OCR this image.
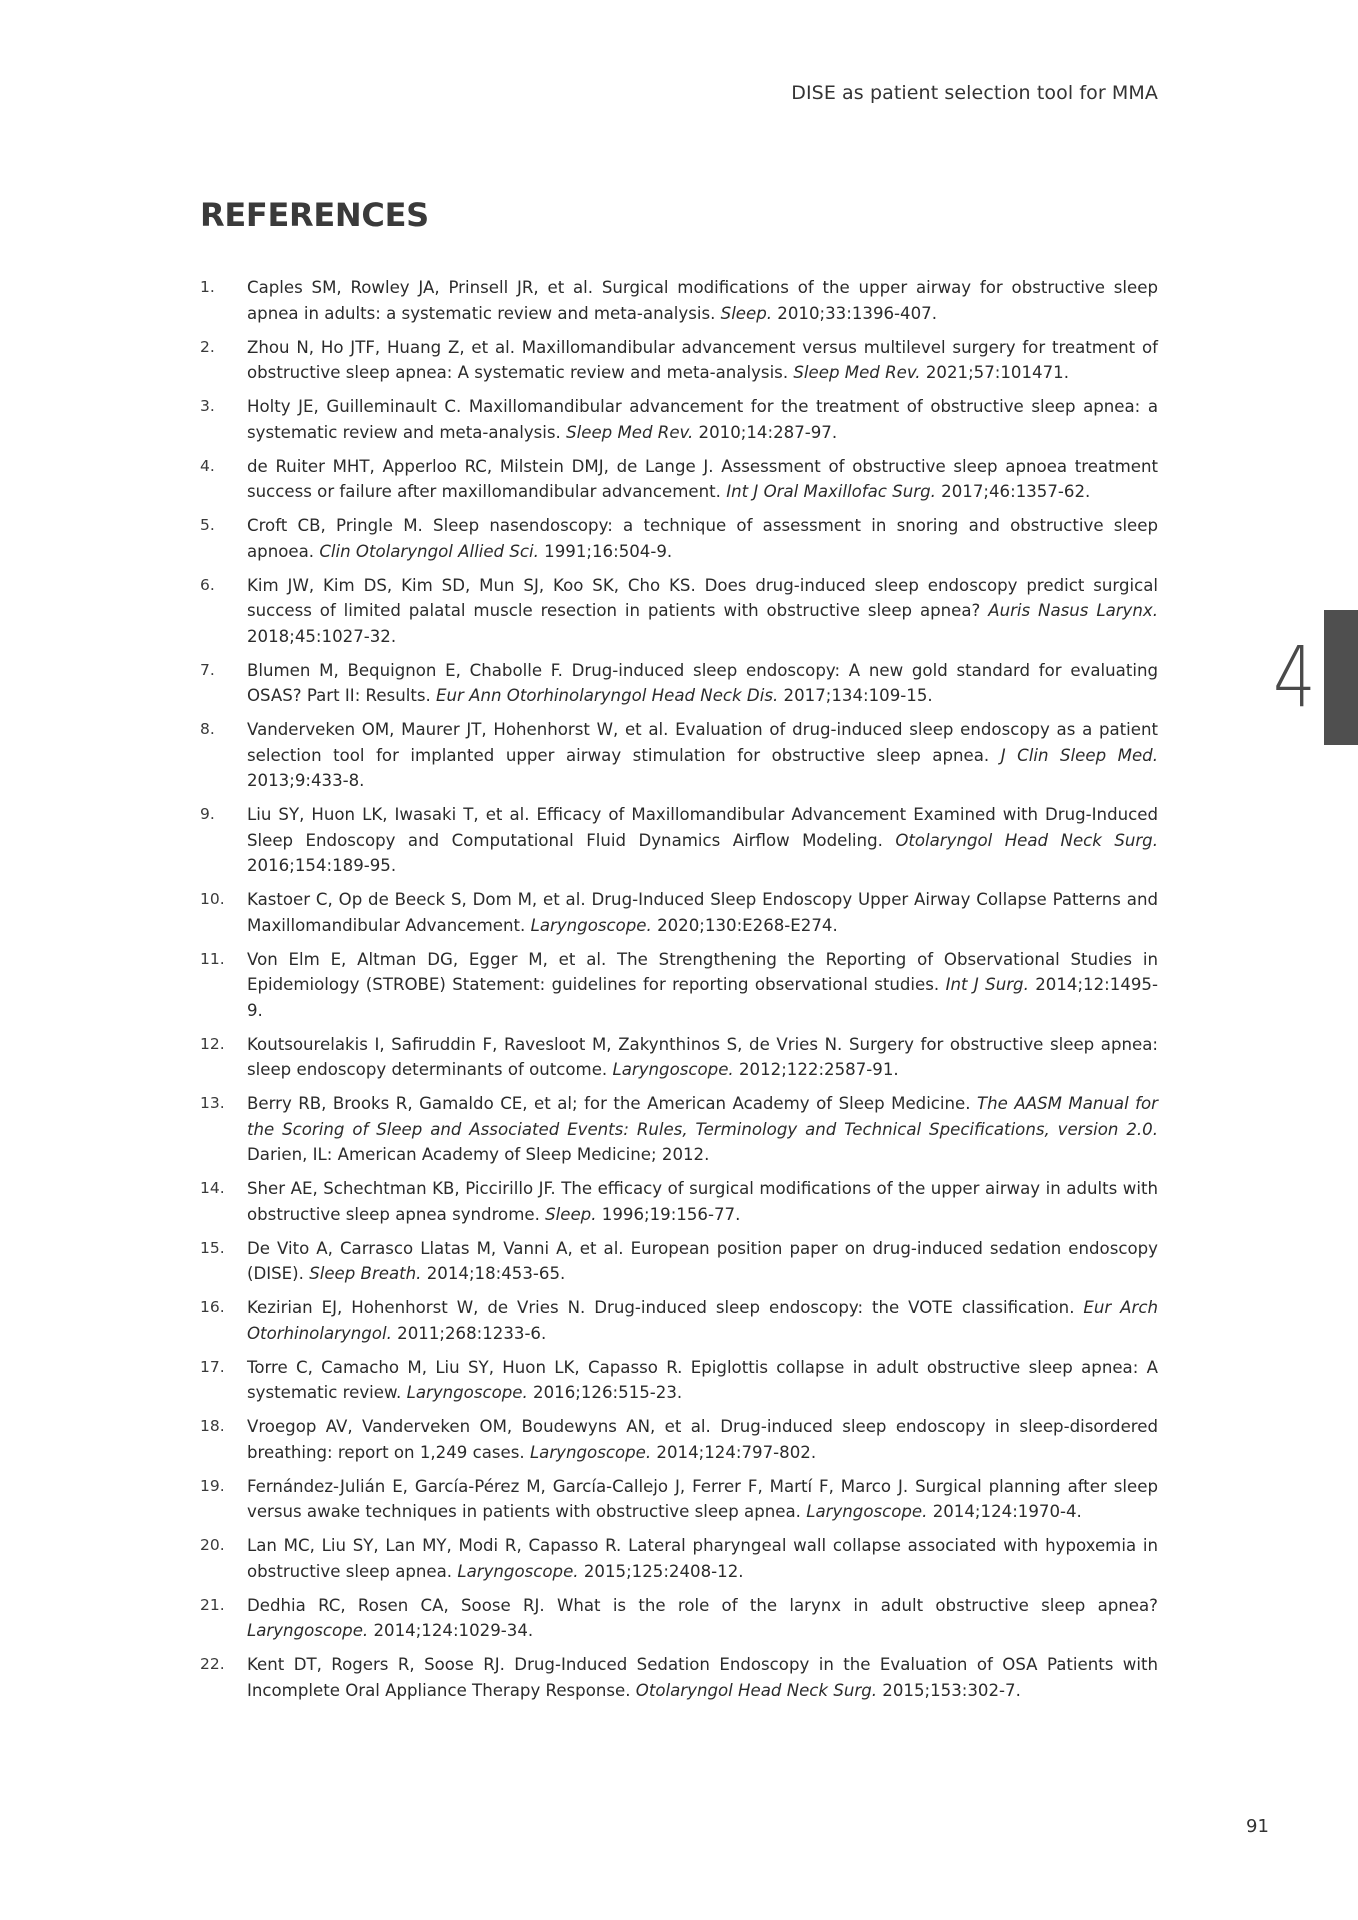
DISE as patient selection tool for MMA
REFERENCES
1.	Caples SM, Rowley JA, Prinsell JR, et al. Surgical modifications of the upper airway for obstructive sleep apnea in adults: a systematic review and meta-analysis. Sleep. 2010;33:1396-407.
2.	Zhou N, Ho JTF, Huang Z, et al. Maxillomandibular advancement versus multilevel surgery for treatment of obstructive sleep apnea: A systematic review and meta-analysis. Sleep Med Rev. 2021;57:101471.
3.	Holty JE, Guilleminault C. Maxillomandibular advancement for the treatment of obstructive sleep apnea: a systematic review and meta-analysis. Sleep Med Rev. 2010;14:287-97.
4.	de Ruiter MHT, Apperloo RC, Milstein DMJ, de Lange J. Assessment of obstructive sleep apnoea treatment success or failure after maxillomandibular advancement. Int J Oral Maxillofac Surg. 2017;46:1357-62.
5.	Croft CB, Pringle M. Sleep nasendoscopy: a technique of assessment in snoring and obstructive sleep apnoea. Clin Otolaryngol Allied Sci. 1991;16:504-9.
6.	Kim JW, Kim DS, Kim SD, Mun SJ, Koo SK, Cho KS. Does drug-induced sleep endoscopy predict surgical success of limited palatal muscle resection in patients with obstructive sleep apnea? Auris Nasus Larynx. 2018;45:1027-32.
7.	Blumen M, Bequignon E, Chabolle F. Drug-induced sleep endoscopy: A new gold standard for evaluating OSAS? Part II: Results. Eur Ann Otorhinolaryngol Head Neck Dis. 2017;134:109-15.
8.	Vanderveken OM, Maurer JT, Hohenhorst W, et al. Evaluation of drug-induced sleep endoscopy as a patient selection tool for implanted upper airway stimulation for obstructive sleep apnea. J Clin Sleep Med. 2013;9:433-8.
9.	Liu SY, Huon LK, Iwasaki T, et al. Efficacy of Maxillomandibular Advancement Examined with Drug-Induced Sleep Endoscopy and Computational Fluid Dynamics Airflow Modeling. Otolaryngol Head Neck Surg. 2016;154:189-95.
10.	Kastoer C, Op de Beeck S, Dom M, et al. Drug-Induced Sleep Endoscopy Upper Airway Collapse Patterns and Maxillomandibular Advancement. Laryngoscope. 2020;130:E268-E274.
11.	Von Elm E, Altman DG, Egger M, et al. The Strengthening the Reporting of Observational Studies in Epidemiology (STROBE) Statement: guidelines for reporting observational studies. Int J Surg. 2014;12:1495-9.
12.	Koutsourelakis I, Safiruddin F, Ravesloot M, Zakynthinos S, de Vries N. Surgery for obstructive sleep apnea: sleep endoscopy determinants of outcome. Laryngoscope. 2012;122:2587-91.
13.	Berry RB, Brooks R, Gamaldo CE, et al; for the American Academy of Sleep Medicine. The AASM Manual for the Scoring of Sleep and Associated Events: Rules, Terminology and Technical Specifications, version 2.0. Darien, IL: American Academy of Sleep Medicine; 2012.
14.	Sher AE, Schechtman KB, Piccirillo JF. The efficacy of surgical modifications of the upper airway in adults with obstructive sleep apnea syndrome. Sleep. 1996;19:156-77.
15.	De Vito A, Carrasco Llatas M, Vanni A, et al. European position paper on drug-induced sedation endoscopy (DISE). Sleep Breath. 2014;18:453-65.
16.	Kezirian EJ, Hohenhorst W, de Vries N. Drug-induced sleep endoscopy: the VOTE classification. Eur Arch Otorhinolaryngol. 2011;268:1233-6.
17.	Torre C, Camacho M, Liu SY, Huon LK, Capasso R. Epiglottis collapse in adult obstructive sleep apnea: A systematic review. Laryngoscope. 2016;126:515-23.
18.	Vroegop AV, Vanderveken OM, Boudewyns AN, et al. Drug-induced sleep endoscopy in sleep-disordered breathing: report on 1,249 cases. Laryngoscope. 2014;124:797-802.
19.	Fernández-Julián E, García-Pérez M, García-Callejo J, Ferrer F, Martí F, Marco J. Surgical planning after sleep versus awake techniques in patients with obstructive sleep apnea. Laryngoscope. 2014;124:1970-4.
20.	Lan MC, Liu SY, Lan MY, Modi R, Capasso R. Lateral pharyngeal wall collapse associated with hypoxemia in obstructive sleep apnea. Laryngoscope. 2015;125:2408-12.
21.	Dedhia RC, Rosen CA, Soose RJ. What is the role of the larynx in adult obstructive sleep apnea? Laryngoscope. 2014;124:1029-34.
22.	Kent DT, Rogers R, Soose RJ. Drug-Induced Sedation Endoscopy in the Evaluation of OSA Patients with Incomplete Oral Appliance Therapy Response. Otolaryngol Head Neck Surg. 2015;153:302-7.
4
91
